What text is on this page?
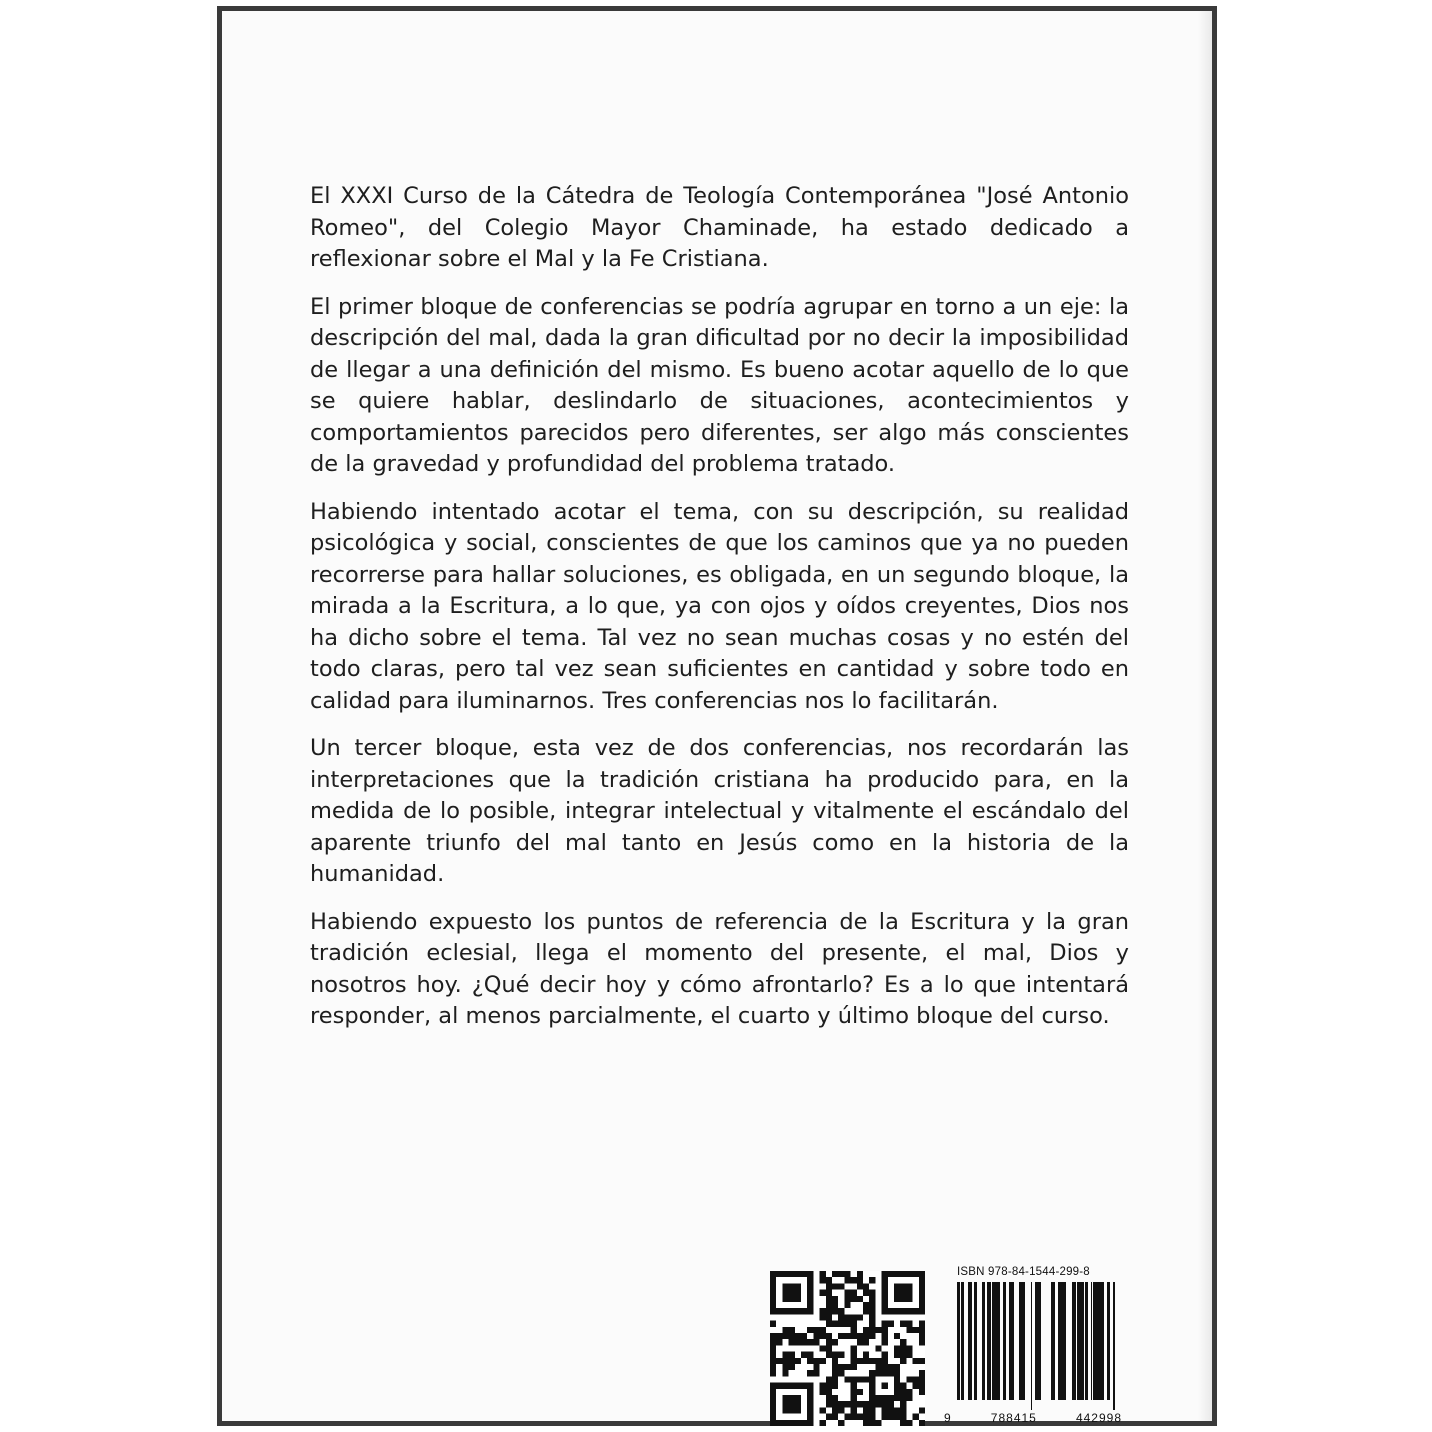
El XXXI Curso de la Cátedra de Teología Contemporánea "José Antonio Romeo", del Colegio Mayor Chaminade, ha estado dedicado a reflexionar sobre el Mal y la Fe Cristiana.

El primer bloque de conferencias se podría agrupar en torno a un eje: la descripción del mal, dada la gran dificultad por no decir la imposibilidad de llegar a una definición del mismo. Es bueno acotar aquello de lo que se quiere hablar, deslindarlo de situaciones, acontecimientos y comportamientos parecidos pero diferentes, ser algo más conscientes de la gravedad y profundidad del problema tratado.

Habiendo intentado acotar el tema, con su descripción, su realidad psicológica y social, conscientes de que los caminos que ya no pueden recorrerse para hallar soluciones, es obligada, en un segundo bloque, la mirada a la Escritura, a lo que, ya con ojos y oídos creyentes, Dios nos ha dicho sobre el tema. Tal vez no sean muchas cosas y no estén del todo claras, pero tal vez sean suficientes en cantidad y sobre todo en calidad para iluminarnos. Tres conferencias nos lo facilitarán.

Un tercer bloque, esta vez de dos conferencias, nos recordarán las interpretaciones que la tradición cristiana ha producido para, en la medida de lo posible, integrar intelectual y vitalmente el escándalo del aparente triunfo del mal tanto en Jesús como en la historia de la humanidad.

Habiendo expuesto los puntos de referencia de la Escritura y la gran tradición eclesial, llega el momento del presente, el mal, Dios y nosotros hoy. ¿Qué decir hoy y cómo afrontarlo? Es a lo que intentará responder, al menos parcialmente, el cuarto y último bloque del curso.

ISBN 978-84-1544-299-8
9	788415	442998
